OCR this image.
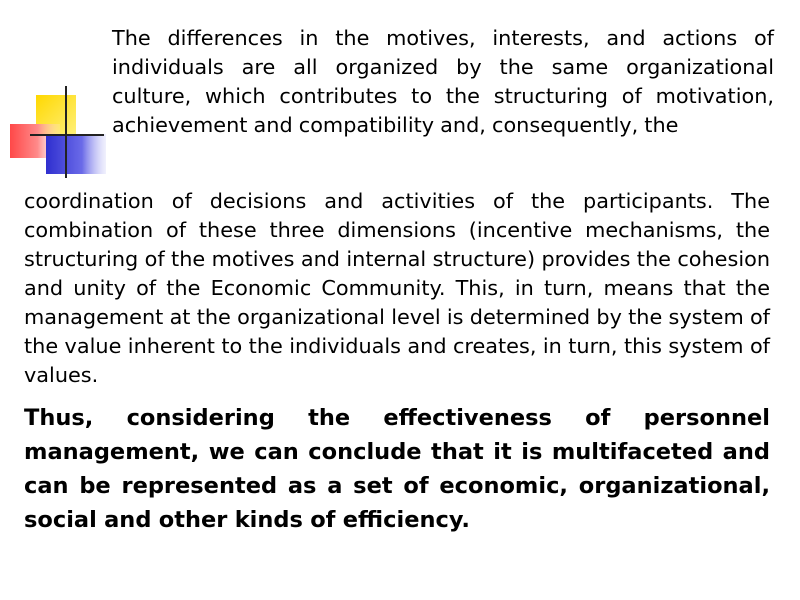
The differences in the motives, interests, and actions of individuals are all organized by the same organizational culture, which contributes to the structuring of motivation, achievement and compatibility and, consequently, the

coordination of decisions and activities of the participants. The combination of these three dimensions (incentive mechanisms, the structuring of the motives and internal structure) provides the cohesion and unity of the Economic Community. This, in turn, means that the management at the organizational level is determined by the system of the value inherent to the individuals and creates, in turn, this system of values.

Thus, considering the effectiveness of personnel management, we can conclude that it is multifaceted and can be represented as a set of economic, organizational, social and other kinds of efficiency.
